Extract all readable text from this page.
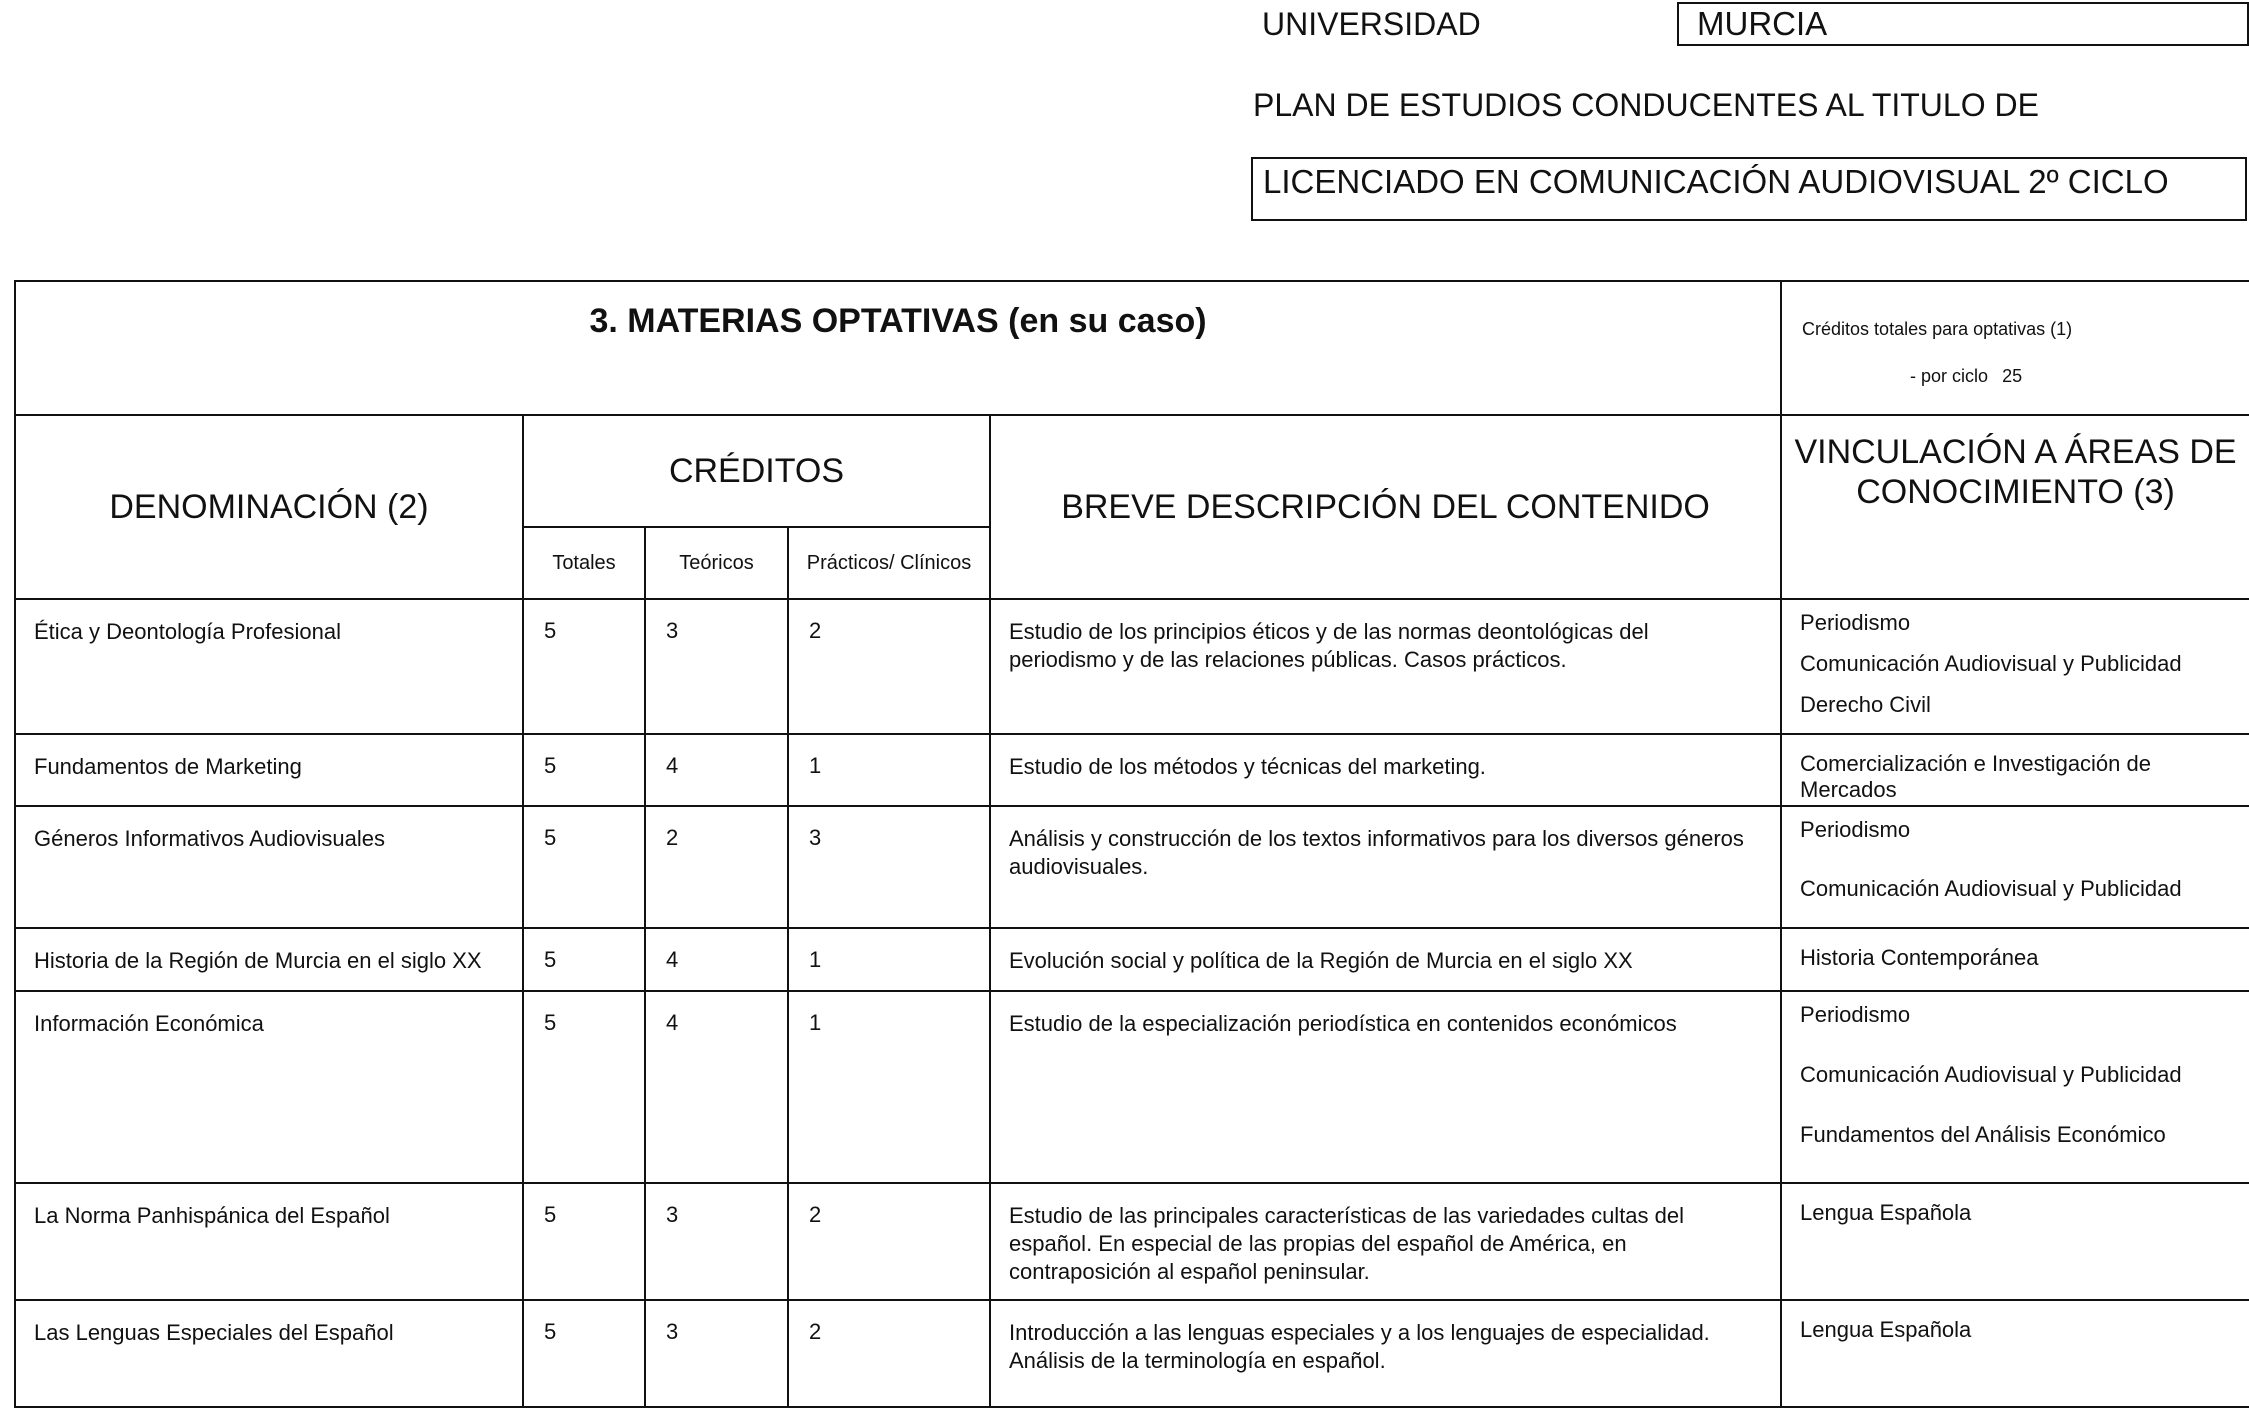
UNIVERSIDAD	MURCIA
PLAN DE ESTUDIOS CONDUCENTES AL TITULO DE
LICENCIADO EN COMUNICACIÓN AUDIOVISUAL 2º CICLO
3. MATERIAS OPTATIVAS (en su caso)					Créditos totales para optativas (1)
- por ciclo 25

DENOMINACIÓN (2)	CRÉDITOS			BREVE DESCRIPCIÓN DEL CONTENIDO	VINCULACIÓN A ÁREAS DE CONOCIMIENTO (3)
	Totales	Teóricos	Prácticos/ Clínicos		
Ética y Deontología Profesional	5	3	2	Estudio de los principios éticos y de las normas deontológicas del periodismo y de las relaciones públicas. Casos prácticos.	Periodismo
Comunicación Audiovisual y Publicidad
Derecho Civil

Fundamentos de Marketing	5	4	1	Estudio de los métodos y técnicas del marketing.	Comercialización e Investigación de Mercados

Géneros Informativos Audiovisuales	5	2	3	Análisis y construcción de los textos informativos para los diversos géneros audiovisuales.	Periodismo
Comunicación Audiovisual y Publicidad

Historia de la Región de Murcia en el siglo XX	5	4	1	Evolución social y política de la Región de Murcia en el siglo XX	Historia Contemporánea

Información Económica	5	4	1	Estudio de la especialización periodística en contenidos económicos	Periodismo
Comunicación Audiovisual y Publicidad
Fundamentos del Análisis Económico

La Norma Panhispánica del Español	5	3	2	Estudio de las principales características de las variedades cultas del español. En especial de las propias del español de América, en contraposición al español peninsular.	Lengua Española

Las Lenguas Especiales del Español	5	3	2	Introducción a las lenguas especiales y a los lenguajes de especialidad. Análisis de la terminología en español.	Lengua Española
